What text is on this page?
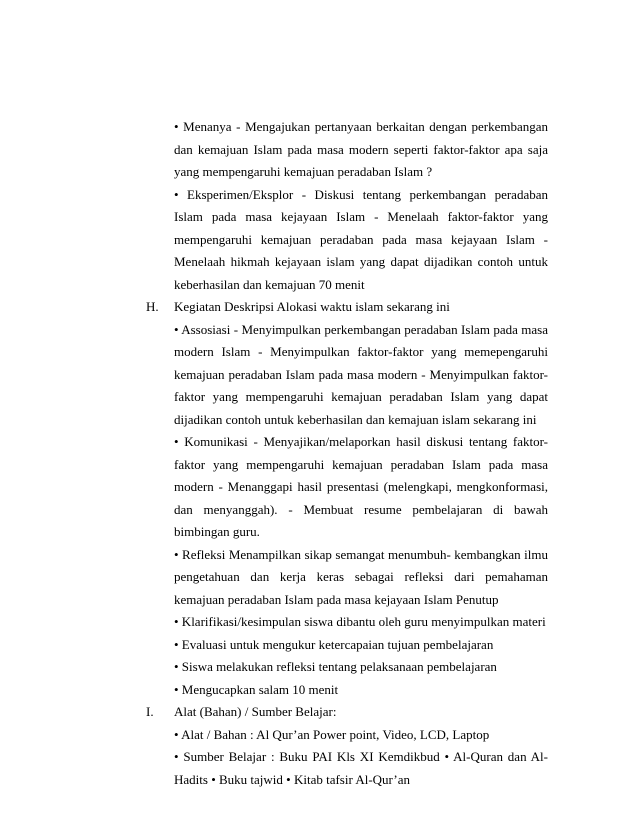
• Menanya - Mengajukan pertanyaan berkaitan dengan perkembangan dan kemajuan Islam pada masa modern seperti faktor-faktor apa saja yang mempengaruhi kemajuan peradaban Islam ?

• Eksperimen/Eksplor - Diskusi tentang perkembangan peradaban Islam pada masa kejayaan Islam - Menelaah faktor-faktor yang mempengaruhi kemajuan peradaban pada masa kejayaan Islam - Menelaah hikmah kejayaan islam yang dapat dijadikan contoh untuk keberhasilan dan kemajuan 70 menit

H. Kegiatan Deskripsi Alokasi waktu islam sekarang ini

• Assosiasi - Menyimpulkan perkembangan peradaban Islam pada masa modern Islam - Menyimpulkan faktor-faktor yang memepengaruhi kemajuan peradaban Islam pada masa modern - Menyimpulkan faktor-faktor yang mempengaruhi kemajuan peradaban Islam yang dapat dijadikan contoh untuk keberhasilan dan kemajuan islam sekarang ini

• Komunikasi - Menyajikan/melaporkan hasil diskusi tentang faktor-faktor yang mempengaruhi kemajuan peradaban Islam pada masa modern - Menanggapi hasil presentasi (melengkapi, mengkonformasi, dan menyanggah). - Membuat resume pembelajaran di bawah bimbingan guru.

• Refleksi Menampilkan sikap semangat menumbuh- kembangkan ilmu pengetahuan dan kerja keras sebagai refleksi dari pemahaman kemajuan peradaban Islam pada masa kejayaan Islam Penutup

• Klarifikasi/kesimpulan siswa dibantu oleh guru menyimpulkan materi

• Evaluasi untuk mengukur ketercapaian tujuan pembelajaran

• Siswa melakukan refleksi tentang pelaksanaan pembelajaran

• Mengucapkan salam 10 menit

I. Alat (Bahan) / Sumber Belajar:

• Alat / Bahan : Al Qur’an Power point, Video, LCD, Laptop

• Sumber Belajar : Buku PAI Kls XI Kemdikbud • Al-Quran dan Al-Hadits • Buku tajwid • Kitab tafsir Al-Qur’an
